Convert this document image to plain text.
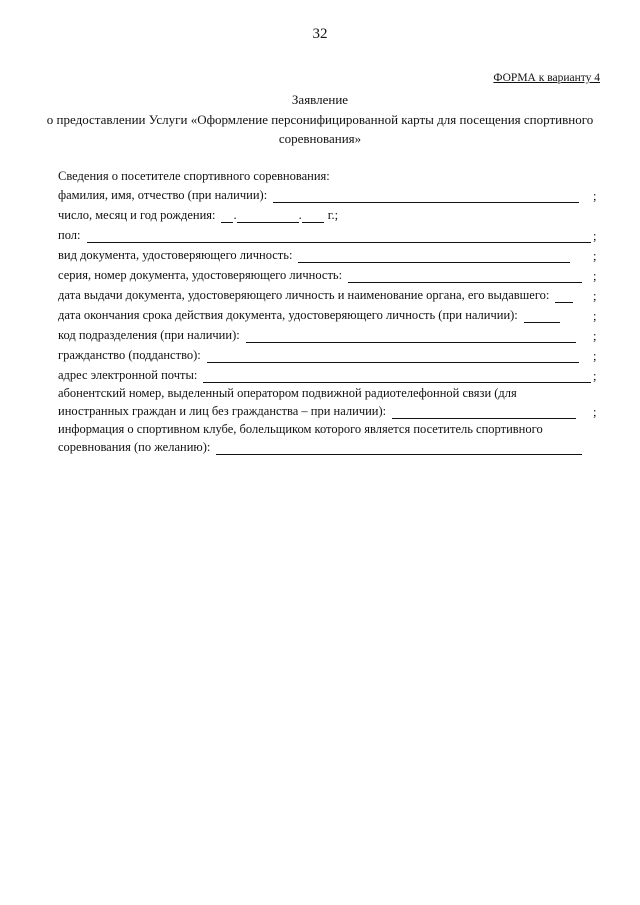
32
ФОРМА к варианту 4
Заявление
о предоставлении Услуги «Оформление персонифицированной карты для посещения спортивного
соревнования»
Сведения о посетителе спортивного соревнования:
фамилия, имя, отчество (при наличии):	;
число, месяц и год рождения: .	. г.;
пол:	;
вид документа, удостоверяющего личность:	;
серия, номер документа, удостоверяющего личность:	;
дата выдачи документа, удостоверяющего личность и наименование органа, его выдавшего:	;
дата окончания срока действия документа, удостоверяющего личность (при наличии):	;
код подразделения (при наличии):	;
гражданство (подданство):	;
адрес электронной почты:	;
абонентский номер, выделенный оператором подвижной радиотелефонной связи (для
иностранных граждан и лиц без гражданства – при наличии):	;
информация о спортивном клубе, болельщиком которого является посетитель спортивного
соревнования (по желанию):
